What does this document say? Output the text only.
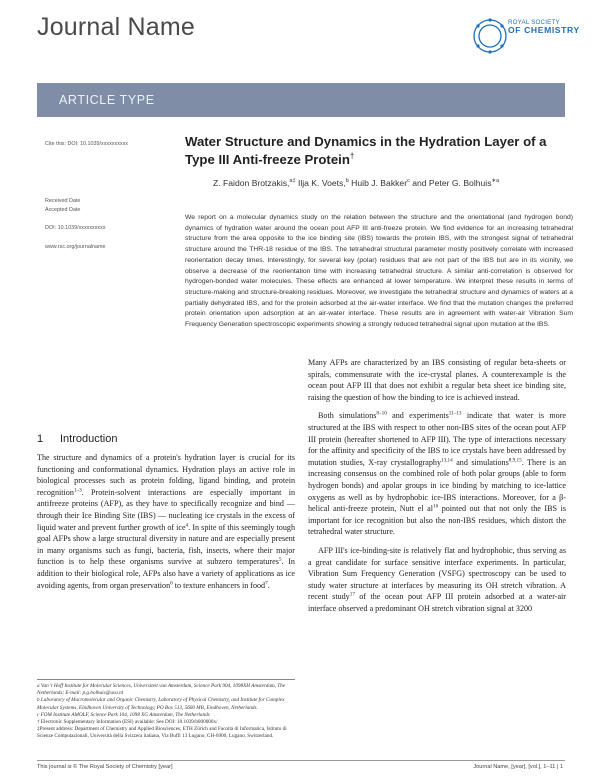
Journal Name	ROYAL SOCIETY
OF CHEMISTRY
ARTICLE TYPE
Cite this: DOI: 10.1039/xxxxxxxxxx
Received Date
Accepted Date
DOI: 10.1039/xxxxxxxxxx
www.rsc.org/journalname
Water Structure and Dynamics in the Hydration Layer of a Type III Anti-freeze Protein†
Z. Faidon Brotzakis,$^{a\ddagger}$ Ilja K. Voets,$^b$ Huib J. Bakker$^c$ and Peter G. Bolhuis$^{∗a}$
We report on a molecular dynamics study on the relation between the structure and the orientational (and hydrogen bond) dynamics of hydration water around the ocean pout AFP III anti-freeze protein. We find evidence for an increasing tetrahedral structure from the area opposite to the ice binding site (IBS) towards the protein IBS, with the strongest signal of tetrahedral structure around the THR-18 residue of the IBS. The tetrahedral structural parameter mostly positively correlate with increased reorientation decay times. Interestingly, for several key (polar) residues that are not part of the IBS but are in its vicinity, we observe a decrease of the reorientation time with increasing tetrahedral structure. A similar anti-correlation is observed for hydrogen-bonded water molecules. These effects are enhanced at lower temperature. We interpret these results in terms of structure-making and structure-breaking residues. Moreover, we investigate the tetrahedral structure and dynamics of waters at a partially dehydrated IBS, and for the protein adsorbed at the air-water interface. We find that the mutation changes the preferred protein orientation upon adsorption at an air-water interface. These results are in agreement with water-air Vibration Sum Frequency Generation spectroscopic experiments showing a strongly reduced tetrahedral signal upon mutation at the IBS.
1 Introduction

The structure and dynamics of a protein's hydration layer is crucial for its functioning and conformational dynamics. Hydration plays an active role in biological processes such as protein folding, ligand binding, and protein recognition$^{1-3}$. Protein-solvent interactions are especially important in antifreeze proteins (AFP), as they have to specifically recognize and bind — through their Ice Binding Site (IBS) — nucleating ice crystals in the excess of liquid water and prevent further growth of ice$^4$. In spite of this seemingly tough goal AFPs show a large structural diversity in nature and are especially present in many organisms such as fungi, bacteria, fish, insects, where their major function is to help these organisms survive at subzero temperatures$^5$. In addition to their biological role, AFPs also have a variety of applications as ice avoiding agents, from organ preservation$^6$ to texture enhancers in food$^7$.

a Van 't Hoff Institute for Molecular Sciences, Universiteit van Amsterdam, Science Park 904, 1098XH Amsterdam, The Netherlands; E-mail: p.g.bolhuis@uva.nl
b Laboratory of Macromolecular and Organic Chemistry, Laboratory of Physical Chemistry, and Institute for Complex Molecular Systems, Eindhoven University of Technology, PO Box 513, 5600 MB, Eindhoven, Netherlands.
c FOM Institute AMOLF, Science Park 104, 1098 XG Amsterdam, The Netherlands
† Electronic Supplementary Information (ESI) available: See DOI: 10.1039/b000000x/
‡Present address: Department of Chemistry and Applied Biosciences, ETH Zürich and Facoltà di Informatica, Istituto di Scienze Computazionali, Università della Svizzera italiana, Via Buffi 13 Lugano, CH-6900, Lugano, Switzerland.

Many AFPs are characterized by an IBS consisting of regular beta-sheets or spirals, commensurate with the ice-crystal planes. A counterexample is the ocean pout AFP III that does not exhibit a regular beta sheet ice binding site, raising the question of how the binding to ice is achieved instead.

Both simulations$^{8-10}$ and experiments$^{11-13}$ indicate that water is more structured at the IBS with respect to other non-IBS sites of the ocean pout AFP III protein (hereafter shortened to AFP III). The type of interactions necessary for the affinity and specificity of the IBS to ice crystals have been addressed by mutation studies, X-ray crystallography$^{13,14}$ and simulations$^{8,9,15}$. There is an increasing consensus on the combined role of both polar groups (able to form hydrogen bonds) and apolar groups in ice binding by matching to ice-lattice oxygens as well as by hydrophobic ice-IBS interactions. Moreover, for a β-helical anti-freeze protein, Nutt el $al^{16}$ pointed out that not only the IBS is important for ice recognition but also the non-IBS residues, which distort the tetrahedral water structure.

AFP III's ice-binding-site is relatively flat and hydrophobic, thus serving as a great candidate for surface sensitive interface experiments. In particular, Vibration Sum Frequency Generation (VSFG) spectroscopy can be used to study water structure at interfaces by measuring its OH stretch vibration. A recent study$^{17}$ of the ocean pout AFP III protein adsorbed at a water-air interface observed a predominant OH stretch vibration signal at 3200

This journal is © The Royal Society of Chemistry [year]	Journal Name, [year], [vol.], 1–11 | 1
